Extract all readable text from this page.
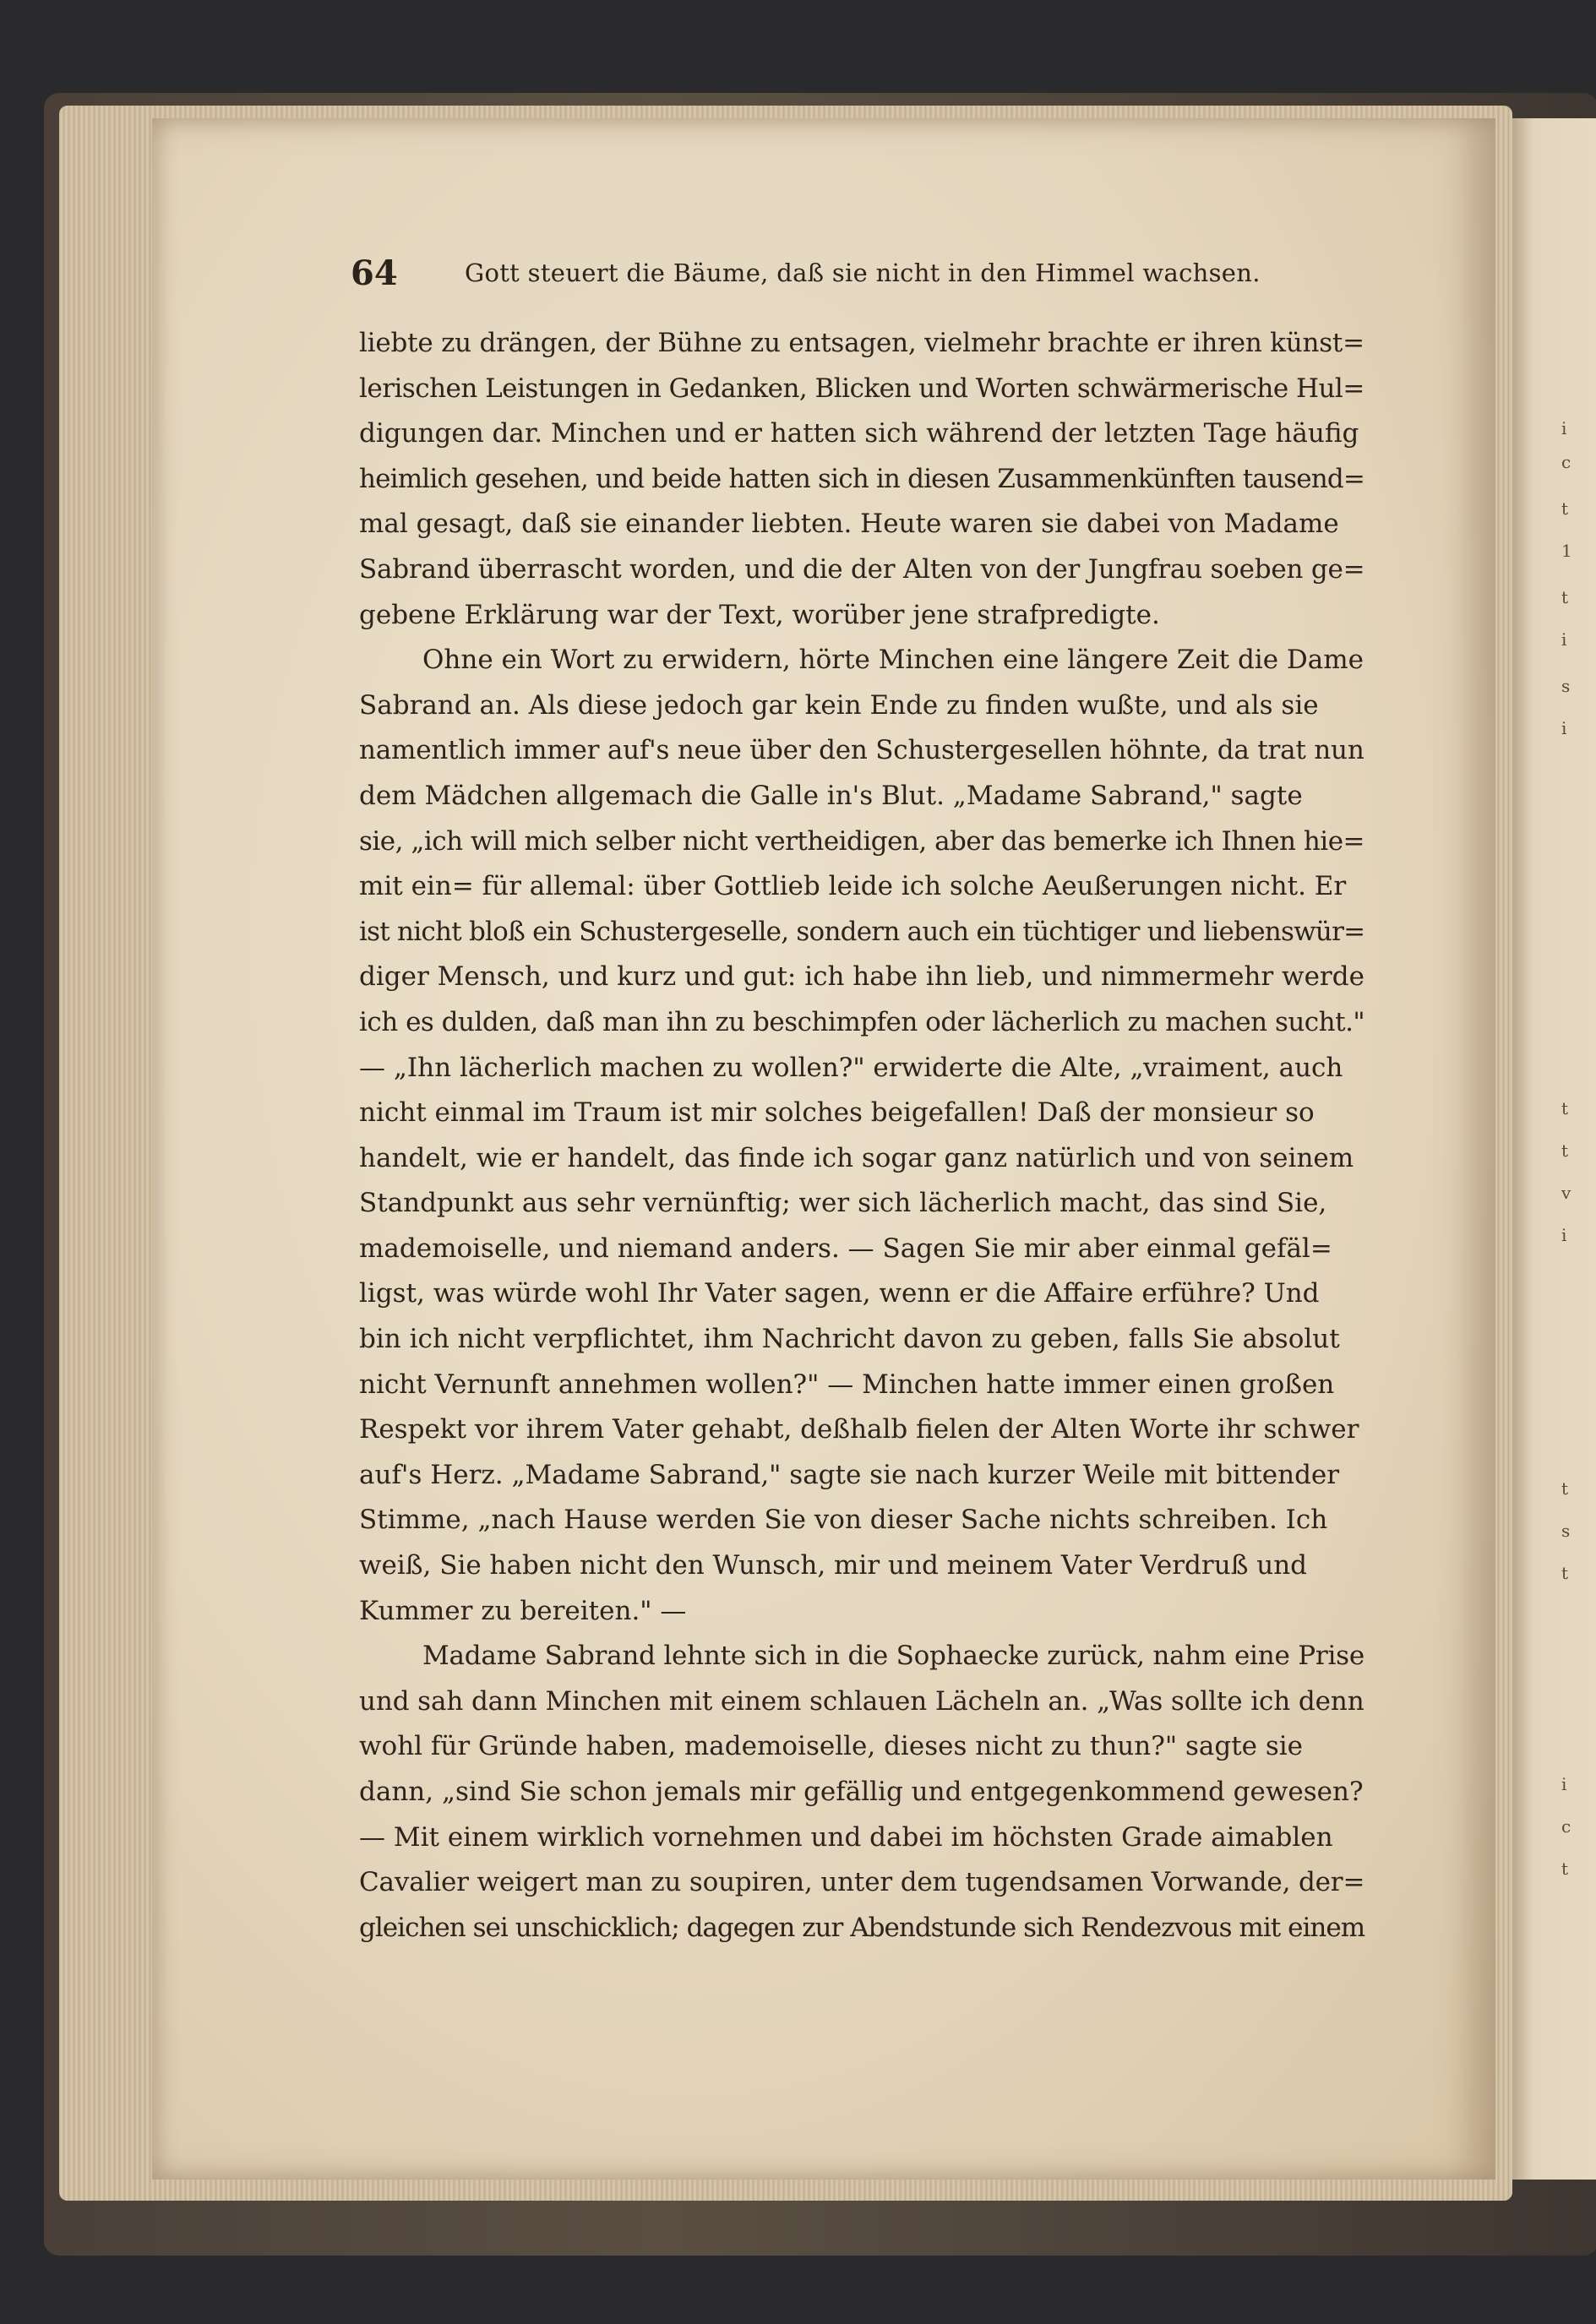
64	Gott steuert die Bäume, daß sie nicht in den Himmel wachsen.
liebte zu drängen, der Bühne zu entsagen, vielmehr brachte er ihren künst=
lerischen Leistungen in Gedanken, Blicken und Worten schwärmerische Hul=
digungen dar. Minchen und er hatten sich während der letzten Tage häufig
heimlich gesehen, und beide hatten sich in diesen Zusammenkünften tausend=
mal gesagt, daß sie einander liebten. Heute waren sie dabei von Madame
Sabrand überrascht worden, und die der Alten von der Jungfrau soeben ge=
gebene Erklärung war der Text, worüber jene strafpredigte.
Ohne ein Wort zu erwidern, hörte Minchen eine längere Zeit die Dame
Sabrand an. Als diese jedoch gar kein Ende zu finden wußte, und als sie
namentlich immer auf's neue über den Schustergesellen höhnte, da trat nun
dem Mädchen allgemach die Galle in's Blut. „Madame Sabrand," sagte
sie, „ich will mich selber nicht vertheidigen, aber das bemerke ich Ihnen hie=
mit ein= für allemal: über Gottlieb leide ich solche Aeußerungen nicht. Er
ist nicht bloß ein Schustergeselle, sondern auch ein tüchtiger und liebenswür=
diger Mensch, und kurz und gut: ich habe ihn lieb, und nimmermehr werde
ich es dulden, daß man ihn zu beschimpfen oder lächerlich zu machen sucht."
— „Ihn lächerlich machen zu wollen?" erwiderte die Alte, „vraiment, auch
nicht einmal im Traum ist mir solches beigefallen! Daß der monsieur so
handelt, wie er handelt, das finde ich sogar ganz natürlich und von seinem
Standpunkt aus sehr vernünftig; wer sich lächerlich macht, das sind Sie,
mademoiselle, und niemand anders. — Sagen Sie mir aber einmal gefäl=
ligst, was würde wohl Ihr Vater sagen, wenn er die Affaire erführe? Und
bin ich nicht verpflichtet, ihm Nachricht davon zu geben, falls Sie absolut
nicht Vernunft annehmen wollen?" — Minchen hatte immer einen großen
Respekt vor ihrem Vater gehabt, deßhalb fielen der Alten Worte ihr schwer
auf's Herz. „Madame Sabrand," sagte sie nach kurzer Weile mit bittender
Stimme, „nach Hause werden Sie von dieser Sache nichts schreiben. Ich
weiß, Sie haben nicht den Wunsch, mir und meinem Vater Verdruß und
Kummer zu bereiten." —
Madame Sabrand lehnte sich in die Sophaecke zurück, nahm eine Prise
und sah dann Minchen mit einem schlauen Lächeln an. „Was sollte ich denn
wohl für Gründe haben, mademoiselle, dieses nicht zu thun?" sagte sie
dann, „sind Sie schon jemals mir gefällig und entgegenkommend gewesen?
— Mit einem wirklich vornehmen und dabei im höchsten Grade aimablen
Cavalier weigert man zu soupiren, unter dem tugendsamen Vorwande, der=
gleichen sei unschicklich; dagegen zur Abendstunde sich Rendezvous mit einem
i
c
t
1
t
i
s
i
t
t
v
i
t
s
t
i
c
t
